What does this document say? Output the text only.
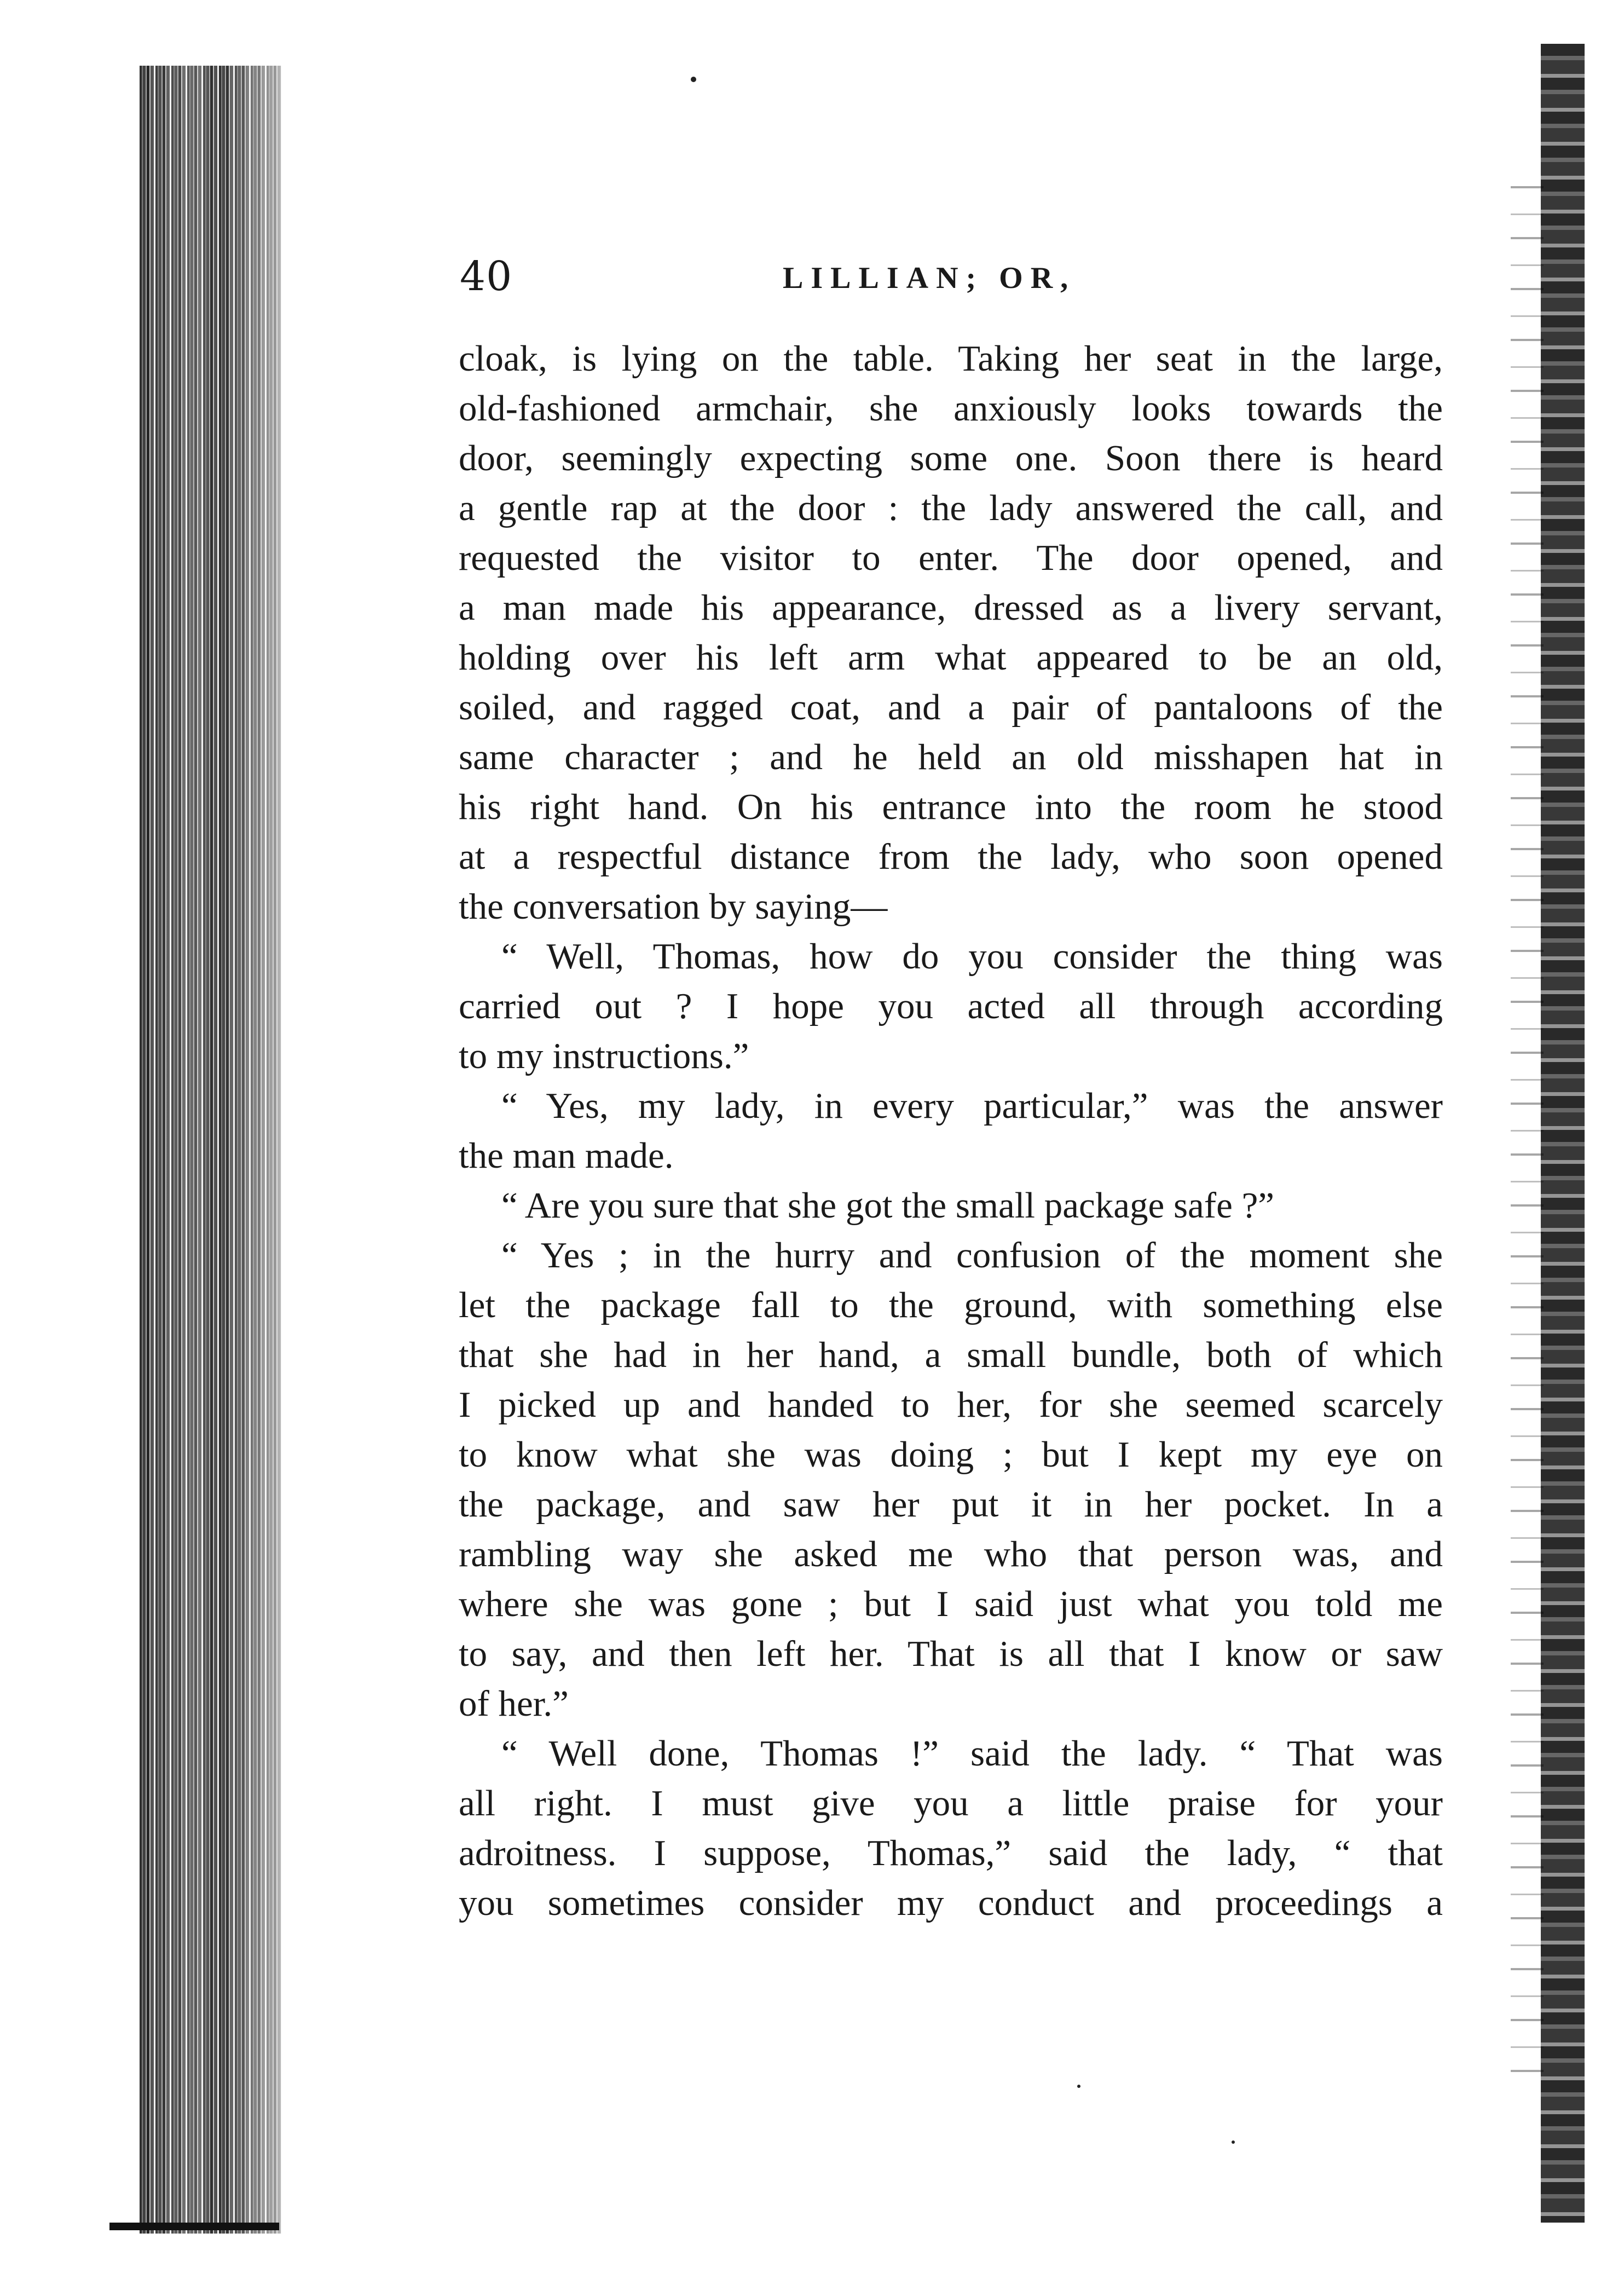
40	LILLIAN; OR,
cloak, is lying on the table. Taking her seat in the large,
old-fashioned armchair, she anxiously looks towards the
door, seemingly expecting some one. Soon there is heard
a gentle rap at the door : the lady answered the call, and
requested the visitor to enter. The door opened, and
a man made his appearance, dressed as a livery servant,
holding over his left arm what appeared to be an old,
soiled, and ragged coat, and a pair of pantaloons of the
same character ; and he held an old misshapen hat in
his right hand. On his entrance into the room he stood
at a respectful distance from the lady, who soon opened
the conversation by saying—
“ Well, Thomas, how do you consider the thing was
carried out ? I hope you acted all through according
to my instructions.”
“ Yes, my lady, in every particular,” was the answer
the man made.
“ Are you sure that she got the small package safe ?”
“ Yes ; in the hurry and confusion of the moment she
let the package fall to the ground, with something else
that she had in her hand, a small bundle, both of which
I picked up and handed to her, for she seemed scarcely
to know what she was doing ; but I kept my eye on
the package, and saw her put it in her pocket. In a
rambling way she asked me who that person was, and
where she was gone ; but I said just what you told me
to say, and then left her. That is all that I know or saw
of her.”
“ Well done, Thomas !” said the lady. “ That was
all right. I must give you a little praise for your
adroitness. I suppose, Thomas,” said the lady, “ that
you sometimes consider my conduct and proceedings a
